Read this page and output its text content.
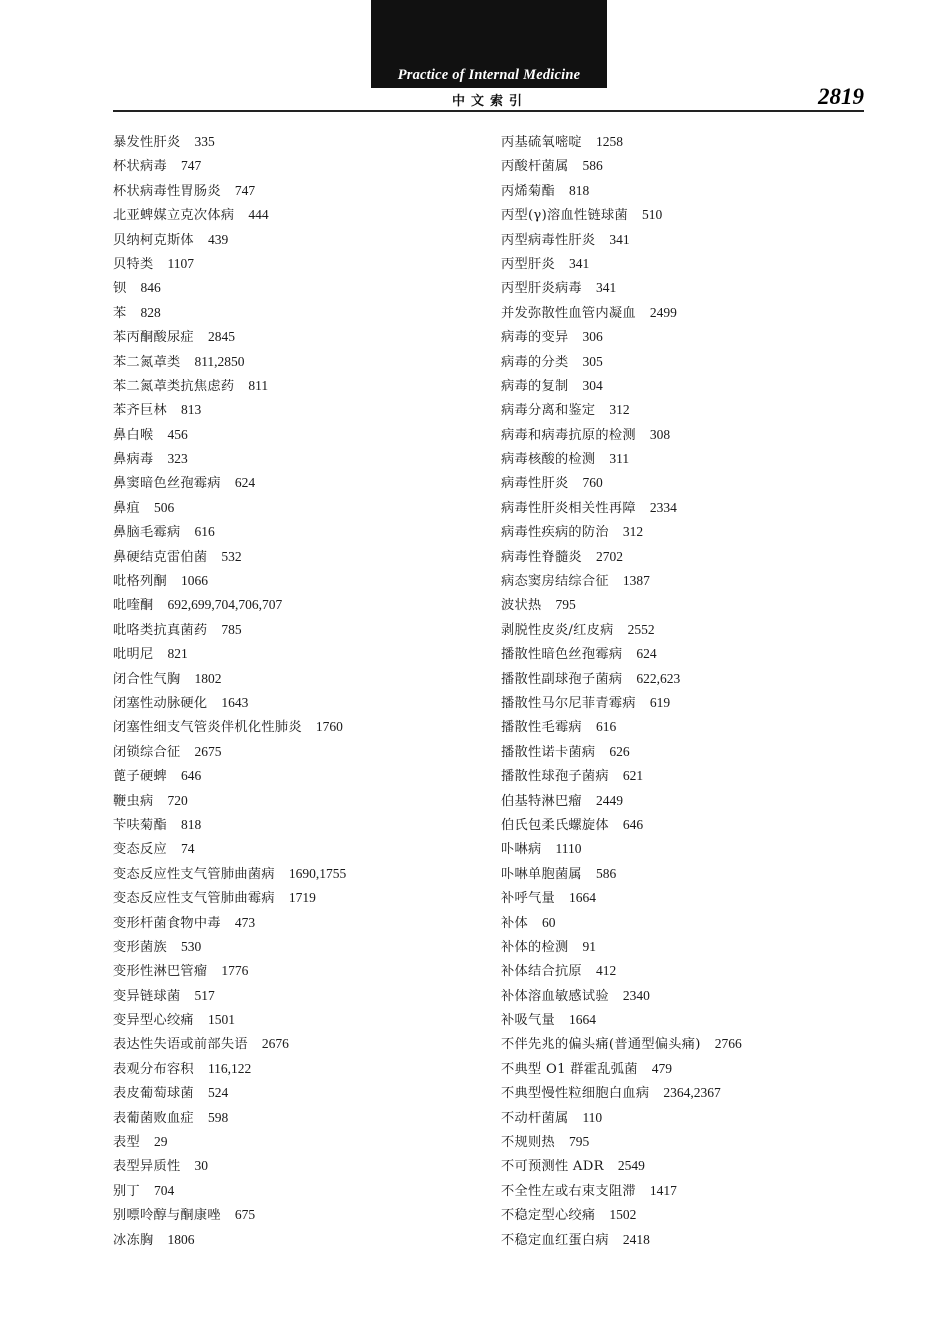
Practice of Internal Medicine
中文索引	2819
暴发性肝炎 335
杯状病毒 747
杯状病毒性胃肠炎 747
北亚蜱媒立克次体病 444
贝纳柯克斯体 439
贝特类 1107
钡 846
苯 828
苯丙酮酸尿症 2845
苯二氮䓬类 811,2850
苯二氮䓬类抗焦虑药 811
苯齐巨林 813
鼻白喉 456
鼻病毒 323
鼻窦暗色丝孢霉病 624
鼻疽 506
鼻脑毛霉病 616
鼻硬结克雷伯菌 532
吡格列酮 1066
吡喹酮 692,699,704,706,707
吡咯类抗真菌药 785
吡明尼 821
闭合性气胸 1802
闭塞性动脉硬化 1643
闭塞性细支气管炎伴机化性肺炎 1760
闭锁综合征 2675
蓖子硬蜱 646
鞭虫病 720
苄呋菊酯 818
变态反应 74
变态反应性支气管肺曲菌病 1690,1755
变态反应性支气管肺曲霉病 1719
变形杆菌食物中毒 473
变形菌族 530
变形性淋巴管瘤 1776
变异链球菌 517
变异型心绞痛 1501
表达性失语或前部失语 2676
表观分布容积 116,122
表皮葡萄球菌 524
表葡菌败血症 598
表型 29
表型异质性 30
别丁 704
别嘌呤醇与酮康唑 675
冰冻胸 1806
丙基硫氧嘧啶 1258
丙酸杆菌属 586
丙烯菊酯 818
丙型(γ)溶血性链球菌 510
丙型病毒性肝炎 341
丙型肝炎 341
丙型肝炎病毒 341
并发弥散性血管内凝血 2499
病毒的变异 306
病毒的分类 305
病毒的复制 304
病毒分离和鉴定 312
病毒和病毒抗原的检测 308
病毒核酸的检测 311
病毒性肝炎 760
病毒性肝炎相关性再障 2334
病毒性疾病的防治 312
病毒性脊髓炎 2702
病态窦房结综合征 1387
波状热 795
剥脱性皮炎/红皮病 2552
播散性暗色丝孢霉病 624
播散性副球孢子菌病 622,623
播散性马尔尼菲青霉病 619
播散性毛霉病 616
播散性诺卡菌病 626
播散性球孢子菌病 621
伯基特淋巴瘤 2449
伯氏包柔氏螺旋体 646
卟啉病 1110
卟啉单胞菌属 586
补呼气量 1664
补体 60
补体的检测 91
补体结合抗原 412
补体溶血敏感试验 2340
补吸气量 1664
不伴先兆的偏头痛(普通型偏头痛) 2766
不典型 O1 群霍乱弧菌 479
不典型慢性粒细胞白血病 2364,2367
不动杆菌属 110
不规则热 795
不可预测性 ADR 2549
不全性左或右束支阻滞 1417
不稳定型心绞痛 1502
不稳定血红蛋白病 2418
